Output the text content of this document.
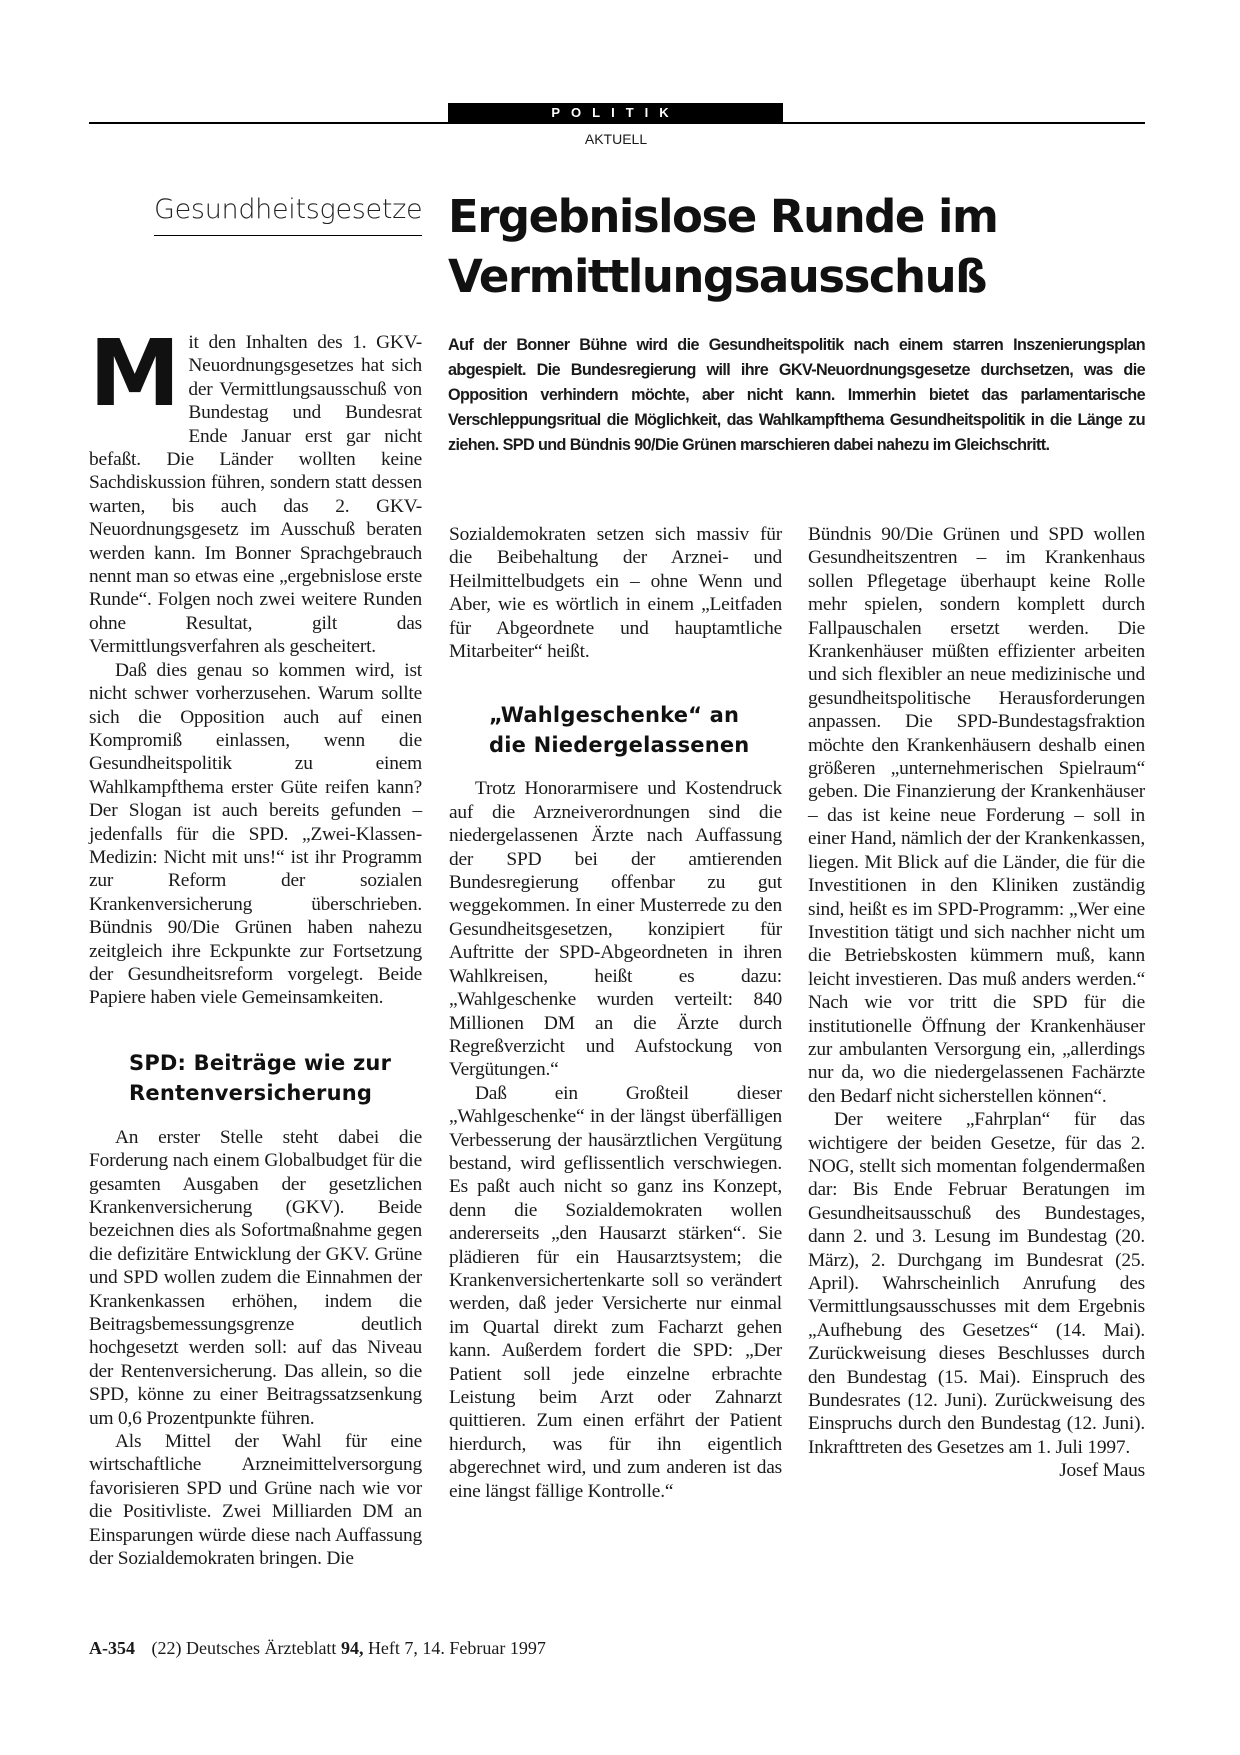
POLITIK
AKTUELL
Gesundheitsgesetze Ergebnislose Runde im
Vermittlungsausschuß
Auf der Bonner Bühne wird die Gesundheitspolitik nach einem starren Inszenierungsplan abgespielt. Die Bundesregierung will ihre GKV-Neuordnungsgesetze durchsetzen, was die Opposition verhindern möchte, aber nicht kann. Immerhin bietet das parlamentarische Verschleppungsritual die Möglichkeit, das Wahlkampfthema Gesundheitspolitik in die Länge zu ziehen. SPD und Bündnis 90/Die Grünen marschieren dabei nahezu im Gleichschritt.

Mit den Inhalten des 1. GKV-Neuordnungsgesetzes hat sich der Vermittlungsausschuß von Bundestag und Bundesrat Ende Januar erst gar nicht befaßt. Die Länder wollten keine Sachdiskussion führen, sondern statt dessen warten, bis auch das 2. GKV-Neuordnungsgesetz im Ausschuß beraten werden kann. Im Bonner Sprachgebrauch nennt man so etwas eine „ergebnislose erste Runde“. Folgen noch zwei weitere Runden ohne Resultat, gilt das Vermittlungsverfahren als gescheitert.

Daß dies genau so kommen wird, ist nicht schwer vorherzusehen. Warum sollte sich die Opposition auch auf einen Kompromiß einlassen, wenn die Gesundheitspolitik zu einem Wahlkampfthema erster Güte reifen kann? Der Slogan ist auch bereits gefunden – jedenfalls für die SPD. „Zwei-Klassen-Medizin: Nicht mit uns!“ ist ihr Programm zur Reform der sozialen Krankenversicherung überschrieben. Bündnis 90/Die Grünen haben nahezu zeitgleich ihre Eckpunkte zur Fortsetzung der Gesundheitsreform vorgelegt. Beide Papiere haben viele Gemeinsamkeiten.

SPD: Beiträge wie zur Rentenversicherung

An erster Stelle steht dabei die Forderung nach einem Globalbudget für die gesamten Ausgaben der gesetzlichen Krankenversicherung (GKV). Beide bezeichnen dies als Sofortmaßnahme gegen die defizitäre Entwicklung der GKV. Grüne und SPD wollen zudem die Einnahmen der Krankenkassen erhöhen, indem die Beitragsbemessungsgrenze deutlich hochgesetzt werden soll: auf das Niveau der Rentenversicherung. Das allein, so die SPD, könne zu einer Beitragssatzsenkung um 0,6 Prozentpunkte führen.

Als Mittel der Wahl für eine wirtschaftliche Arzneimittelversorgung favorisieren SPD und Grüne nach wie vor die Positivliste. Zwei Milliarden DM an Einsparungen würde diese nach Auffassung der Sozialdemokraten bringen. Die

Sozialdemokraten setzen sich massiv für die Beibehaltung der Arznei- und Heilmittelbudgets ein – ohne Wenn und Aber, wie es wörtlich in einem „Leitfaden für Abgeordnete und hauptamtliche Mitarbeiter“ heißt.

„Wahlgeschenke“ an die Niedergelassenen

Trotz Honorarmisere und Kostendruck auf die Arzneiverordnungen sind die niedergelassenen Ärzte nach Auffassung der SPD bei der amtierenden Bundesregierung offenbar zu gut weggekommen. In einer Musterrede zu den Gesundheitsgesetzen, konzipiert für Auftritte der SPD-Abgeordneten in ihren Wahlkreisen, heißt es dazu: „Wahlgeschenke wurden verteilt: 840 Millionen DM an die Ärzte durch Regreßverzicht und Aufstockung von Vergütungen.“

Daß ein Großteil dieser „Wahlgeschenke“ in der längst überfälligen Verbesserung der hausärztlichen Vergütung bestand, wird geflissentlich verschwiegen. Es paßt auch nicht so ganz ins Konzept, denn die Sozialdemokraten wollen andererseits „den Hausarzt stärken“. Sie plädieren für ein Hausarztsystem; die Krankenversichertenkarte soll so verändert werden, daß jeder Versicherte nur einmal im Quartal direkt zum Facharzt gehen kann. Außerdem fordert die SPD: „Der Patient soll jede einzelne erbrachte Leistung beim Arzt oder Zahnarzt quittieren. Zum einen erfährt der Patient hierdurch, was für ihn eigentlich abgerechnet wird, und zum anderen ist das eine längst fällige Kontrolle.“

Bündnis 90/Die Grünen und SPD wollen Gesundheitszentren – im Krankenhaus sollen Pflegetage überhaupt keine Rolle mehr spielen, sondern komplett durch Fallpauschalen ersetzt werden. Die Krankenhäuser müßten effizienter arbeiten und sich flexibler an neue medizinische und gesundheitspolitische Herausforderungen anpassen. Die SPD-Bundestagsfraktion möchte den Krankenhäusern deshalb einen größeren „unternehmerischen Spielraum“ geben. Die Finanzierung der Krankenhäuser – das ist keine neue Forderung – soll in einer Hand, nämlich der der Krankenkassen, liegen. Mit Blick auf die Länder, die für die Investitionen in den Kliniken zuständig sind, heißt es im SPD-Programm: „Wer eine Investition tätigt und sich nachher nicht um die Betriebskosten kümmern muß, kann leicht investieren. Das muß anders werden.“ Nach wie vor tritt die SPD für die institutionelle Öffnung der Krankenhäuser zur ambulanten Versorgung ein, „allerdings nur da, wo die niedergelassenen Fachärzte den Bedarf nicht sicherstellen können“.

Der weitere „Fahrplan“ für das wichtigere der beiden Gesetze, für das 2. NOG, stellt sich momentan folgendermaßen dar: Bis Ende Februar Beratungen im Gesundheitsausschuß des Bundestages, dann 2. und 3. Lesung im Bundestag (20. März), 2. Durchgang im Bundesrat (25. April). Wahrscheinlich Anrufung des Vermittlungsausschusses mit dem Ergebnis „Aufhebung des Gesetzes“ (14. Mai). Zurückweisung dieses Beschlusses durch den Bundestag (15. Mai). Einspruch des Bundesrates (12. Juni). Zurückweisung des Einspruchs durch den Bundestag (12. Juni). Inkrafttreten des Gesetzes am 1. Juli 1997.
Josef Maus

A-354 (22) Deutsches Ärzteblatt 94, Heft 7, 14. Februar 1997
